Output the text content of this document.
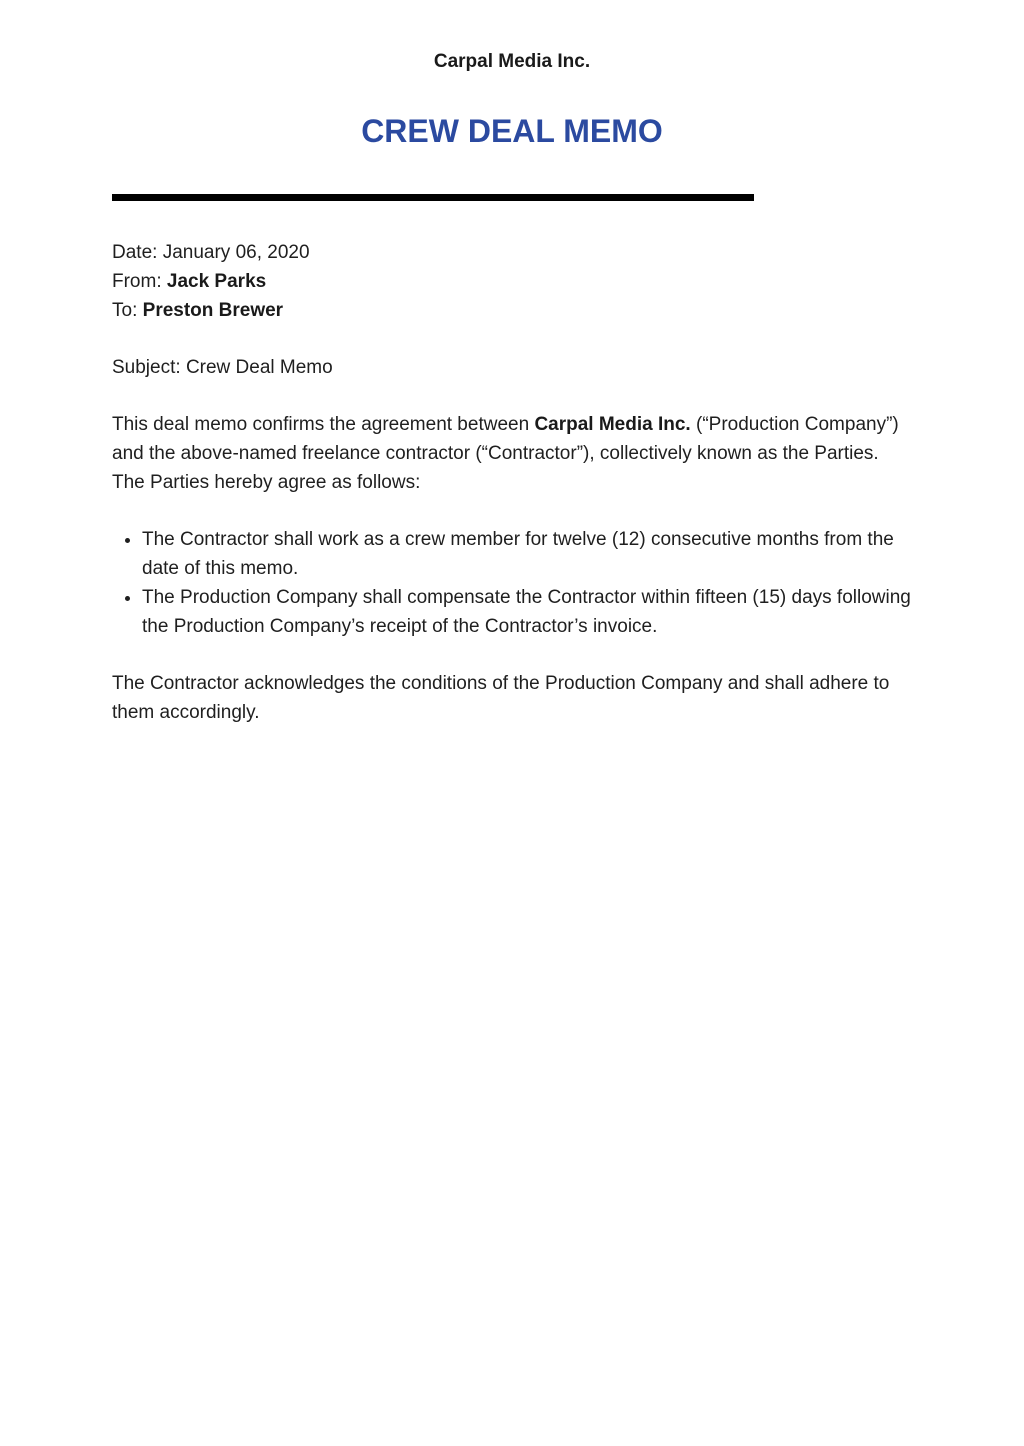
Carpal Media Inc.
CREW DEAL MEMO
Date: January 06, 2020
From: Jack Parks
To: Preston Brewer
Subject: Crew Deal Memo

This deal memo confirms the agreement between Carpal Media Inc. (“Production Company”) and the above-named freelance contractor (“Contractor”), collectively known as the Parties. The Parties hereby agree as follows:

• The Contractor shall work as a crew member for twelve (12) consecutive months from the date of this memo.
• The Production Company shall compensate the Contractor within fifteen (15) days following the Production Company’s receipt of the Contractor’s invoice.

The Contractor acknowledges the conditions of the Production Company and shall adhere to them accordingly.
